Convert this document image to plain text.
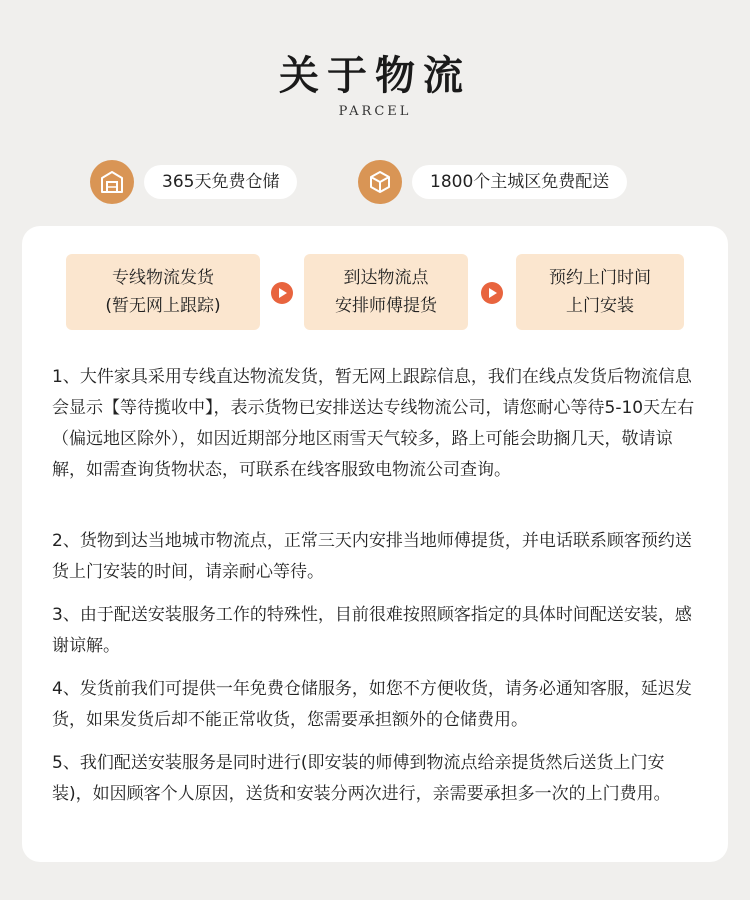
关于物流
PARCEL
365天免费仓储	1800个主城区免费配送
专线物流发货
(暂无网上跟踪)
到达物流点
安排师傅提货
预约上门时间
上门安装
1、大件家具采用专线直达物流发货，暂无网上跟踪信息，我们在线点发货后物流信息会显示【等待揽收中】，表示货物已安排送达专线物流公司，请您耐心等待5-10天左右（偏远地区除外），如因近期部分地区雨雪天气较多，路上可能会助搁几天，敬请谅解，如需查询货物状态，可联系在线客服致电物流公司查询。
2、货物到达当地城市物流点，正常三天内安排当地师傅提货，并电话联系顾客预约送货上门安装的时间，请亲耐心等待。
3、由于配送安装服务工作的特殊性，目前很难按照顾客指定的具体时间配送安装，感谢谅解。
4、发货前我们可提供一年免费仓储服务，如您不方便收货，请务必通知客服，延迟发货，如果发货后却不能正常收货，您需要承担额外的仓储费用。
5、我们配送安装服务是同时进行(即安装的师傅到物流点给亲提货然后送货上门安装)，如因顾客个人原因，送货和安装分两次进行，亲需要承担多一次的上门费用。
